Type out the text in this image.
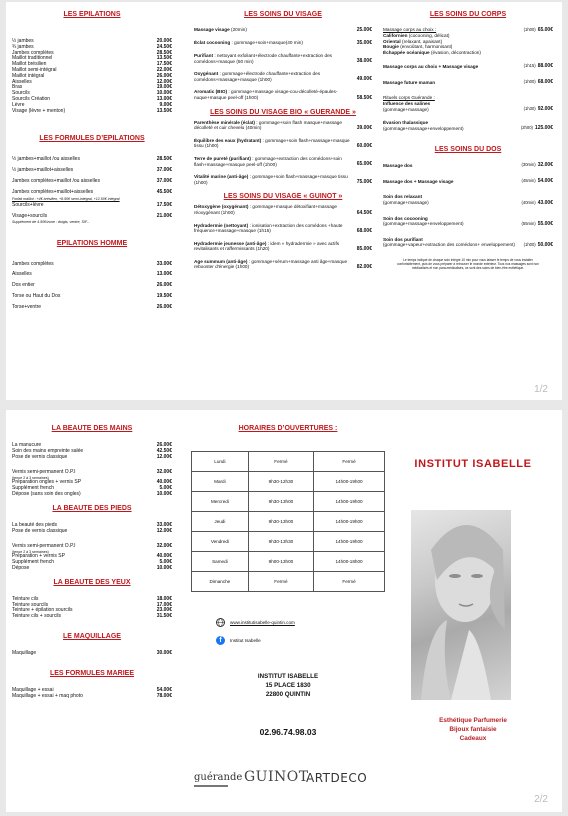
LES EPILATIONS
½ jambes	20.00€
¾ jambes	24.50€
Jambes complètes	28.50€
Maillot traditionnel	13.50€
Maillot brésilien	17.50€
Maillot semi-intégral	22.00€
Maillot intégral	26.00€
Aisselles	12.00€
Bras	19.00€
Sourcils	10.00€
Sourcils Création	13.00€
Lèvre	9.00€
Visage (lèvre + menton)	13.50€
LES FORMULES D’EPILATIONS
½ jambes+maillot /ou aisselles	28.50€
½ jambes+maillot+aisselles	37.00€
Jambes complètes+maillot /ou aisselles	37.00€
Jambes complètes+maillot+aisselles	45.50€
Forfait maillot : +4€ brésilien, +8.50€ semi-intégral, +12.50€ intégral
Sourcils+lèvre	17.50€
Visage+sourcils	21.00€
Supplément de 4.50€/zone : doigts, ventre, SIF...
EPILATIONS HOMME
Jambes complètes	33.00€
Aisselles	13.00€
Dos entier	26.00€
Torse ou Haut du Dos	19.50€
Torse+ventre	26.00€
LES SOINS DU VISAGE
Massage visage (20min)	25.00€
Éclat cocooning : gommage+soin+masque(40 min)	35.00€
Purifiant : nettoyant exfoliant+électrode chauffante+extraction des comédons+masque (50 min)	38.00€
Oxygénant : gommage+électrode chauffante+extraction des comédons+massage+masque (1h00)	49.00€
Aromatic (BIO) : gommage+massage visage-cou-décolleté-épaules-nuque+masque peel-off (1h00)	58.50€
LES SOINS DU VISAGE BIO « GUERANDE »
Parenthèse minérale (éclat) : gommage+soin flash masque+massage décolleté et cuir chevelu (40min)	39.00€
Équilibre des eaux (hydratant) : gommage+soin flash+massage+masque tissu (1h00)	60.00€
Terre de pureté (purifiant) : gommage+extraction des comédons+soin flash+massage+masque peel-off (1h00)	65.00€
Vitalité marine (anti-âge) : gommage+soin flash+massage+masque tissu (1h00)	75.00€
LES SOINS DU VISAGE « GUINOT »
Détoxygène (oxygénant) : gommage+masque détoxifiant+massage réoxygénant (1h00)	64.50€
Hydradermie (nettoyant) : ionisation+extraction des comédons +haute fréquence+massage+masque (1h15)	68.00€
Hydradermie jeunesse (anti-âge) : idem « hydradermie » avec actifs revitalisants et raffermissants (1h20)	85.00€
Age summum (anti-âge) : gommage+sérum+massage anti âge+masque rebooster d'énergie (1h00)	82.00€
LES SOINS DU CORPS
Massage corps au choix :	(1h00) 65.00€
Californien (cocooning, délicat)
Oriental (relaxant, apaisant)
Bougie (envoûtant, harmonisant)
Échappée océanique (évasion, décontraction)
Massage corps au choix + Massage visage	(1h15) 88.00€
Massage future maman	(1h00) 68.00€
Rituels corps Guérande :
Influence des salines
(gommage+massage)	(1h30) 92.00€
Évasion thalassique
(gommage+massage+enveloppement)	(2h00) 125.00€
LES SOINS DU DOS
Massage dos	(30min) 32.00€
Massage dos + Massage visage	(45min) 54.00€
Soin dos relaxant
(gommage+massage)	(40min) 43.00€
Soin dos cocooning
(gommage+massage+enveloppement)	(55min) 55.00€
Soin dos purifiant
(gommage+vapeur+extraction des comédons+ enveloppement)	(1h00) 50.00€
Le temps indiqué de chaque soin intègre 10 min pour vous laisser le temps de vous installer confortablement, puis de vous préparer à retrouver le monde extérieur. Tous nos massages sont non médicalisés et non para-médicalisés, ce sont des soins de bien-être esthétique.
1/2
LA BEAUTE DES MAINS
La manucure	26.00€
Soin des mains empreinte salée	42.50€
Pose de vernis classique	12.00€
Vernis semi-permanent O.P.I	32.00€
(tenue 2 à 3 semaines)
Préparation ongles + vernis SP	40.00€
Supplément french	5.00€
Dépose (sans soin des ongles)	10.00€
LA BEAUTE DES PIEDS
La beauté des pieds	33.00€
Pose de vernis classique	12.00€
Vernis semi-permanent O.P.I	32.00€
(tenue 2 à 3 semaines)
Préparation + vernis SP	40.00€
Supplément french	5.00€
Dépose	10.00€
LA BEAUTE DES YEUX
Teinture cils	18.00€
Teinture sourcils	17.00€
Teinture + épilation sourcils	23.00€
Teinture cils + sourcils	31.50€
LE MAQUILLAGE
Maquillage	30.00€
LES FORMULES MARIEE
Maquillage + essai	54.00€
Maquillage + essai + maq photo	78.00€
HORAIRES D’OUVERTURES :
Lundi	Fermé	Fermé
Mardi	9h30-12h30	14h00-19h00
Mercredi	9h30-13h00	14h00-19h00
Jeudi	9h30-13h00	14h00-19h00
Vendredi	9h30-13h30	14h00-19h00
Samedi	9h00-13h00	14h00-18h00
Dimanche	Fermé	Fermé
www.institutisabelle-quintin.com
f	Institut Isabelle
INSTITUT ISABELLE
15 PLACE 1830
22800 QUINTIN
02.96.74.98.03
guérande GUINOT
ARTDECO
INSTITUT ISABELLE
Esthétique Parfumerie
Bijoux fantaisie
Cadeaux
2/2
